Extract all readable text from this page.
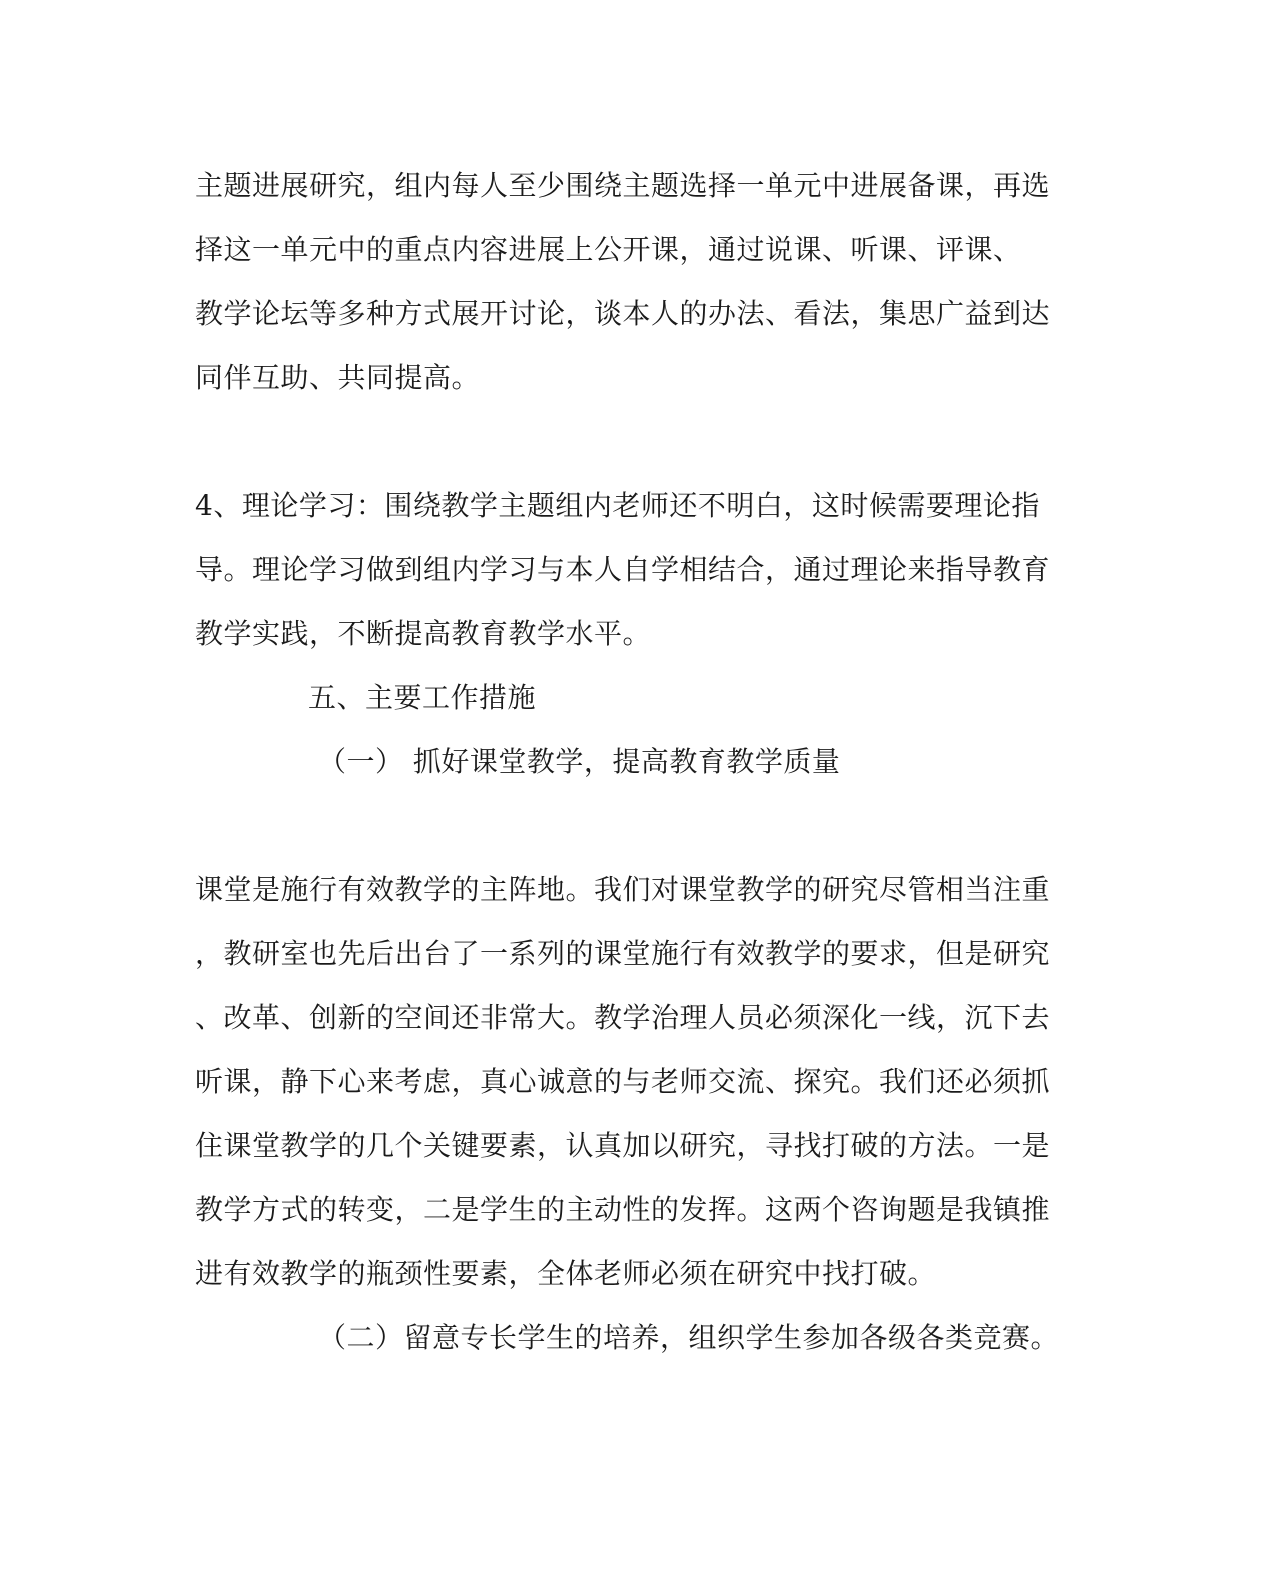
主题进展研究，组内每人至少围绕主题选择一单元中进展备课，再选
择这一单元中的重点内容进展上公开课，通过说课、听课、评课、
教学论坛等多种方式展开讨论，谈本人的办法、看法，集思广益到达
同伴互助、共同提高。
4、理论学习：围绕教学主题组内老师还不明白，这时候需要理论指
导。理论学习做到组内学习与本人自学相结合，通过理论来指导教育
教学实践，不断提高教育教学水平。
五、主要工作措施
（一） 抓好课堂教学，提高教育教学质量
课堂是施行有效教学的主阵地。我们对课堂教学的研究尽管相当注重
，教研室也先后出台了一系列的课堂施行有效教学的要求，但是研究
、改革、创新的空间还非常大。教学治理人员必须深化一线，沉下去
听课，静下心来考虑，真心诚意的与老师交流、探究。我们还必须抓
住课堂教学的几个关键要素，认真加以研究，寻找打破的方法。一是
教学方式的转变，二是学生的主动性的发挥。这两个咨询题是我镇推
进有效教学的瓶颈性要素，全体老师必须在研究中找打破。
（二）留意专长学生的培养，组织学生参加各级各类竞赛。
